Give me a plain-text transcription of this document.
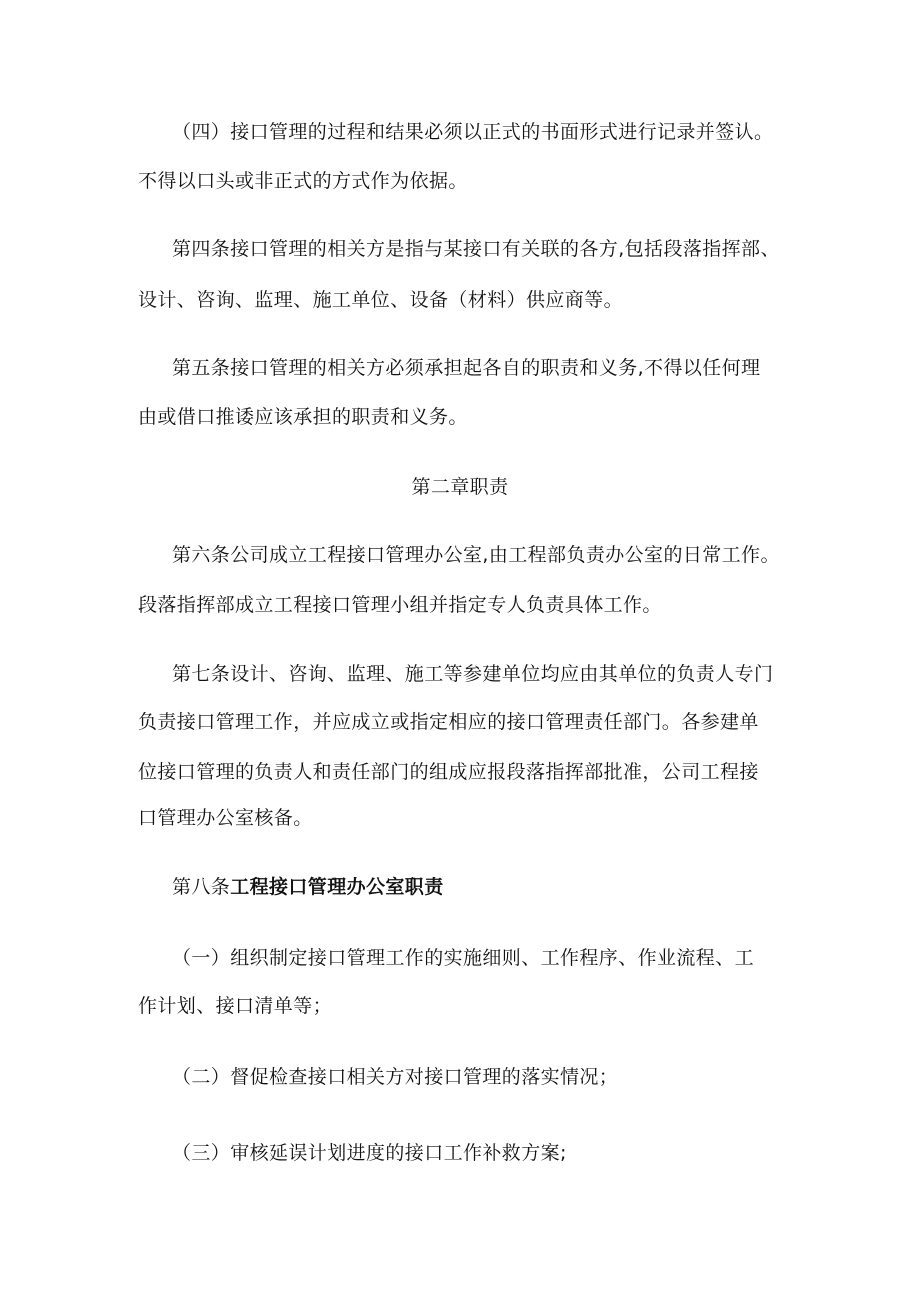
（四）接口管理的过程和结果必须以正式的书面形式进行记录并签认。
不得以口头或非正式的方式作为依据。
第四条接口管理的相关方是指与某接口有关联的各方,包括段落指挥部、
设计、咨询、监理、施工单位、设备（材料）供应商等。
第五条接口管理的相关方必须承担起各自的职责和义务,不得以任何理
由或借口推诿应该承担的职责和义务。
第二章职责
第六条公司成立工程接口管理办公室,由工程部负责办公室的日常工作。
段落指挥部成立工程接口管理小组并指定专人负责具体工作。
第七条设计、咨询、监理、施工等参建单位均应由其单位的负责人专门
负责接口管理工作，并应成立或指定相应的接口管理责任部门。各参建单
位接口管理的负责人和责任部门的组成应报段落指挥部批准，公司工程接
口管理办公室核备。
第八条工程接口管理办公室职责
（一）组织制定接口管理工作的实施细则、工作程序、作业流程、工
作计划、接口清单等；
（二）督促检查接口相关方对接口管理的落实情况；
（三）审核延误计划进度的接口工作补救方案;
